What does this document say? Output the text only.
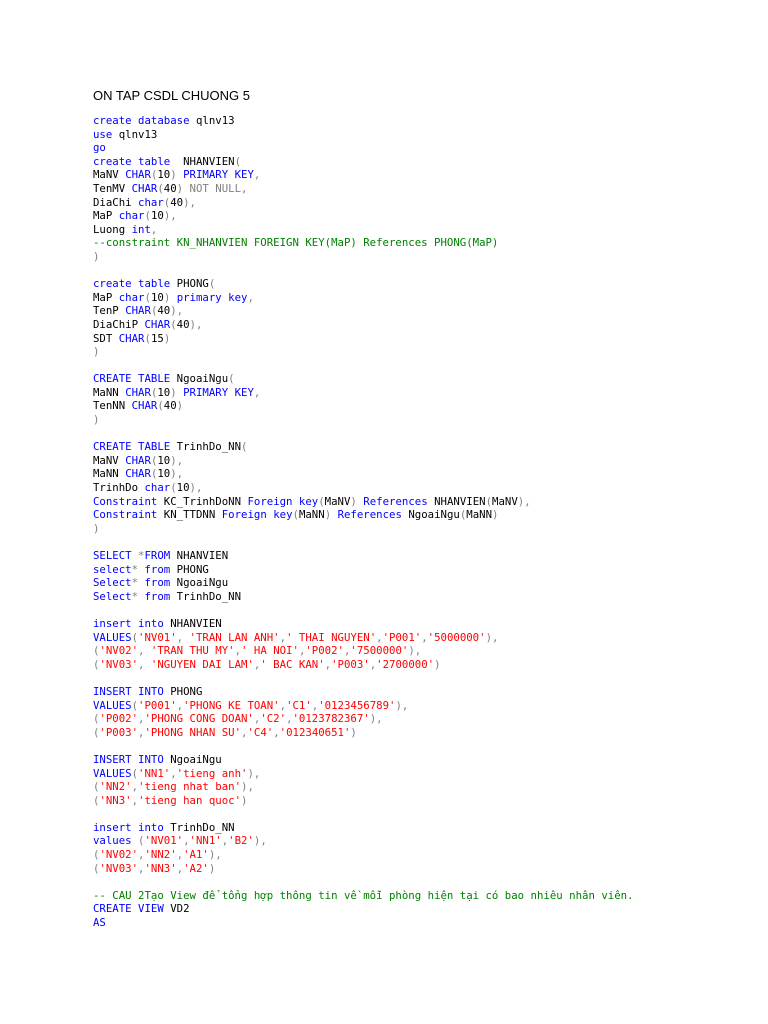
ON TAP CSDL CHUONG 5
create database qlnv13
use qlnv13
go
create table  NHANVIEN(
MaNV CHAR(10) PRIMARY KEY,
TenMV CHAR(40) NOT NULL,
DiaChi char(40),
MaP char(10),
Luong int,
--constraint KN_NHANVIEN FOREIGN KEY(MaP) References PHONG(MaP)
)
create table PHONG(
MaP char(10) primary key,
TenP CHAR(40),
DiaChiP CHAR(40),
SDT CHAR(15)
)
CREATE TABLE NgoaiNgu(
MaNN CHAR(10) PRIMARY KEY,
TenNN CHAR(40)
)
CREATE TABLE TrinhDo_NN(
MaNV CHAR(10),
MaNN CHAR(10),
TrinhDo char(10),
Constraint KC_TrinhDoNN Foreign key(MaNV) References NHANVIEN(MaNV),
Constraint KN_TTDNN Foreign key(MaNN) References NgoaiNgu(MaNN)
)
SELECT *FROM NHANVIEN
select* from PHONG
Select* from NgoaiNgu
Select* from TrinhDo_NN
insert into NHANVIEN
VALUES('NV01', 'TRAN LAN ANH',' THAI NGUYEN','P001','5000000'),
('NV02', 'TRAN THU MY',' HA NOI','P002','7500000'),
('NV03', 'NGUYEN DAI LAM',' BAC KAN','P003','2700000')
INSERT INTO PHONG
VALUES('P001','PHONG KE TOAN','C1','0123456789'),
('P002','PHONG CONG DOAN','C2','0123782367'),
('P003','PHONG NHAN SU','C4','012340651')
INSERT INTO NgoaiNgu
VALUES('NN1','tieng anh'),
('NN2','tieng nhat ban'),
('NN3','tieng han quoc')
insert into TrinhDo_NN
values ('NV01','NN1','B2'),
('NV02','NN2','A1'),
('NV03','NN3','A2')
-- CAU 2Tạo View để tổng hợp thông tin về mỗi phòng hiện tại có bao nhiêu nhân viên.
CREATE VIEW VD2
AS
